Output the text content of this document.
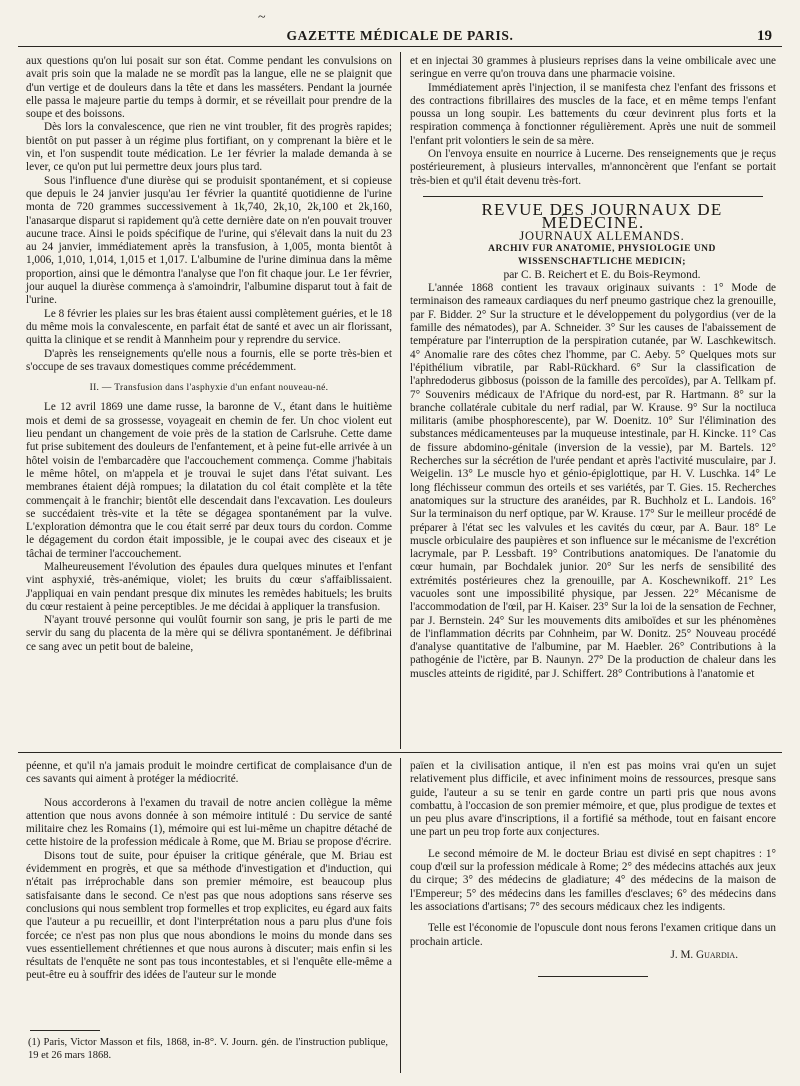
~
GAZETTE MÉDICALE DE PARIS.	19

aux questions qu'on lui posait sur son état. Comme pendant les convulsions on avait pris soin que la malade ne se mordît pas la langue, elle ne se plaignit que d'un vertige et de douleurs dans la tête et dans les masséters. Pendant la journée elle passa le majeure partie du temps à dormir, et se réveillait pour prendre de la soupe et des boissons.

Dès lors la convalescence, que rien ne vint troubler, fit des progrès rapides; bientôt on put passer à un régime plus fortifiant, on y comprenant la bière et le vin, et l'on suspendit toute médication. Le 1er février la malade demanda à se lever, ce qu'on put lui permettre deux jours plus tard.

Sous l'influence d'une diurèse qui se produisit spontanément, et si copieuse que depuis le 24 janvier jusqu'au 1er février la quantité quotidienne de l'urine monta de 720 grammes successivement à 1k,740, 2k,10, 2k,100 et 2k,160, l'anasarque disparut si rapidement qu'à cette dernière date on n'en pouvait trouver aucune trace. Ainsi le poids spécifique de l'urine, qui s'élevait dans la nuit du 23 au 24 janvier, immédiatement après la transfusion, à 1,005, monta bientôt à 1,006, 1,010, 1,014, 1,015 et 1,017. L'albumine de l'urine diminua dans la même proportion, ainsi que le démontra l'analyse que l'on fit chaque jour. Le 1er février, jour auquel la diurèse commença à s'amoindrir, l'albumine disparut tout à fait de l'urine.

Le 8 février les plaies sur les bras étaient aussi complètement guéries, et le 18 du même mois la convalescente, en parfait état de santé et avec un air florissant, quitta la clinique et se rendit à Mannheim pour y reprendre du service.

D'après les renseignements qu'elle nous a fournis, elle se porte très-bien et s'occupe de ses travaux domestiques comme précédemment.

II. — Transfusion dans l'asphyxie d'un enfant nouveau-né.

Le 12 avril 1869 une dame russe, la baronne de V., étant dans le huitième mois et demi de sa grossesse, voyageait en chemin de fer. Un choc violent eut lieu pendant un changement de voie près de la station de Carlsruhe. Cette dame fut prise subitement des douleurs de l'enfantement, et à peine fut-elle arrivée à un hôtel voisin de l'embarcadère que l'accouchement commença. Comme j'habitais le même hôtel, on m'appela et je trouvai le sujet dans l'état suivant. Les membranes étaient déjà rompues; la dilatation du col était complète et la tête commençait à le franchir; bientôt elle descendait dans l'excavation. Les douleurs se succédaient très-vite et la tête se dégagea spontanément par la vulve. L'exploration démontra que le cou était serré par deux tours du cordon. Comme le dégagement du cordon était impossible, je le coupai avec des ciseaux et je tâchai de terminer l'accouchement.

Malheureusement l'évolution des épaules dura quelques minutes et l'enfant vint asphyxié, très-anémique, violet; les bruits du cœur s'affaiblissaient. J'appliquai en vain pendant presque dix minutes les remèdes habituels; les bruits du cœur restaient à peine perceptibles. Je me décidai à appliquer la transfusion.

N'ayant trouvé personne qui voulût fournir son sang, je pris le parti de me servir du sang du placenta de la mère qui se délivra spontanément. Je défibrinai ce sang avec un petit bout de baleine,

et en injectai 30 grammes à plusieurs reprises dans la veine ombilicale avec une seringue en verre qu'on trouva dans une pharmacie voisine.

Immédiatement après l'injection, il se manifesta chez l'enfant des frissons et des contractions fibrillaires des muscles de la face, et en même temps l'enfant poussa un long soupir. Les battements du cœur devinrent plus forts et la respiration commença à fonctionner régulièrement. Après une nuit de sommeil l'enfant prit volontiers le sein de sa mère.

On l'envoya ensuite en nourrice à Lucerne. Des renseignements que je reçus postérieurement, à plusieurs intervalles, m'annoncèrent que l'enfant se portait très-bien et qu'il était devenu très-fort.

REVUE DES JOURNAUX DE MÉDECINE.

JOURNAUX ALLEMANDS.

ARCHIV FUR ANATOMIE, PHYSIOLOGIE UND

WISSENSCHAFTLICHE MEDICIN;

par C. B. Reichert et E. du Bois-Reymond.

L'année 1868 contient les travaux originaux suivants : 1° Mode de terminaison des rameaux cardiaques du nerf pneumo gastrique chez la grenouille, par F. Bidder. 2° Sur la structure et le développement du polygordius (ver de la famille des nématodes), par A. Schneider. 3° Sur les causes de l'abaissement de température par l'interruption de la perspiration cutanée, par W. Laschkewitsch. 4° Anomalie rare des côtes chez l'homme, par C. Aeby. 5° Quelques mots sur l'épithélium vibratile, par Rabl-Rückhard. 6° Sur la classification de l'aphredoderus gibbosus (poisson de la famille des percoïdes), par A. Tellkam pf. 7° Souvenirs médicaux de l'Afrique du nord-est, par R. Hartmann. 8° sur la branche collatérale cubitale du nerf radial, par W. Krause. 9° Sur la noctiluca militaris (amibe phosphorescente), par W. Doenitz. 10° Sur l'élimination des substances médicamenteuses par la muqueuse intestinale, par H. Kincke. 11° Cas de fissure abdomino-génitale (inversion de la vessie), par M. Bartels. 12° Recherches sur la sécrétion de l'urée pendant et après l'activité musculaire, par J. Weigelin. 13° Le muscle hyo et génio-épiglottique, par H. V. Luschka. 14° Le long fléchisseur commun des orteils et ses variétés, par T. Gies. 15. Recherches anatomiques sur la structure des aranéides, par R. Buchholz et L. Landois. 16° Sur la terminaison du nerf optique, par W. Krause. 17° Sur le meilleur procédé de préparer à l'état sec les valvules et les cavités du cœur, par A. Baur. 18° Le muscle orbiculaire des paupières et son influence sur le mécanisme de l'excrétion lacrymale, par P. Lessbaft. 19° Contributions anatomiques. De l'anatomie du cœur humain, par Bochdalek junior. 20° Sur les nerfs de sensibilité des extrémités postérieures chez la grenouille, par A. Koschewnikoff. 21° Les vacuoles sont une impossibilité physique, par Jessen. 22° Mécanisme de l'accommodation de l'œil, par H. Kaiser. 23° Sur la loi de la sensation de Fechner, par J. Bernstein. 24° Sur les mouvements dits amiboïdes et sur les phénomènes de l'inflammation décrits par Cohnheim, par W. Donitz. 25° Nouveau procédé d'analyse quantitative de l'albumine, par M. Haebler. 26° Contributions à la pathogénie de l'ictère, par B. Naunyn. 27° De la production de chaleur dans les muscles atteints de rigidité, par J. Schiffert. 28° Contributions à l'anatomie et

péenne, et qu'il n'a jamais produit le moindre certificat de complaisance d'un de ces savants qui aiment à protéger la médiocrité.

Nous accorderons à l'examen du travail de notre ancien collègue la même attention que nous avons donnée à son mémoire intitulé : Du service de santé militaire chez les Romains (1), mémoire qui est lui-même un chapitre détaché de cette histoire de la profession médicale à Rome, que M. Briau se propose d'écrire.

Disons tout de suite, pour épuiser la critique générale, que M. Briau est évidemment en progrès, et que sa méthode d'investigation et d'induction, qui n'était pas irréprochable dans son premier mémoire, est beaucoup plus satisfaisante dans le second. Ce n'est pas que nous adoptions sans réserve ses conclusions qui nous semblent trop formelles et trop explicites, eu égard aux faits que l'auteur a pu recueillir, et dont l'interprétation nous a paru plus d'une fois forcée; ce n'est pas non plus que nous abondions le moins du monde dans ses vues essentiellement chrétiennes et que nous aurons à discuter; mais enfin si les résultats de l'enquête ne sont pas tous incontestables, et si l'enquête elle-même a peut-être eu à souffrir des idées de l'auteur sur le monde

(1) Paris, Victor Masson et fils, 1868, in-8°. V. Journ. gén. de l'instruction publique, 19 et 26 mars 1868.

païen et la civilisation antique, il n'en est pas moins vrai qu'en un sujet relativement plus difficile, et avec infiniment moins de ressources, presque sans guide, l'auteur a su se tenir en garde contre un parti pris que nous avons combattu, à l'occasion de son premier mémoire, et que, plus prodigue de textes et un peu plus avare d'inscriptions, il a fortifié sa méthode, tout en faisant encore une part un peu trop forte aux conjectures.

Le second mémoire de M. le docteur Briau est divisé en sept chapitres : 1° coup d'œil sur la profession médicale à Rome; 2° des médecins attachés aux jeux du cirque; 3° des médecins de gladiature; 4° des médecins de la maison de l'Empereur; 5° des médecins dans les familles d'esclaves; 6° des médecins dans les associations d'artisans; 7° des secours médicaux chez les indigents.

Telle est l'économie de l'opuscule dont nous ferons l'examen critique dans un prochain article.

J. M. Guardia.
